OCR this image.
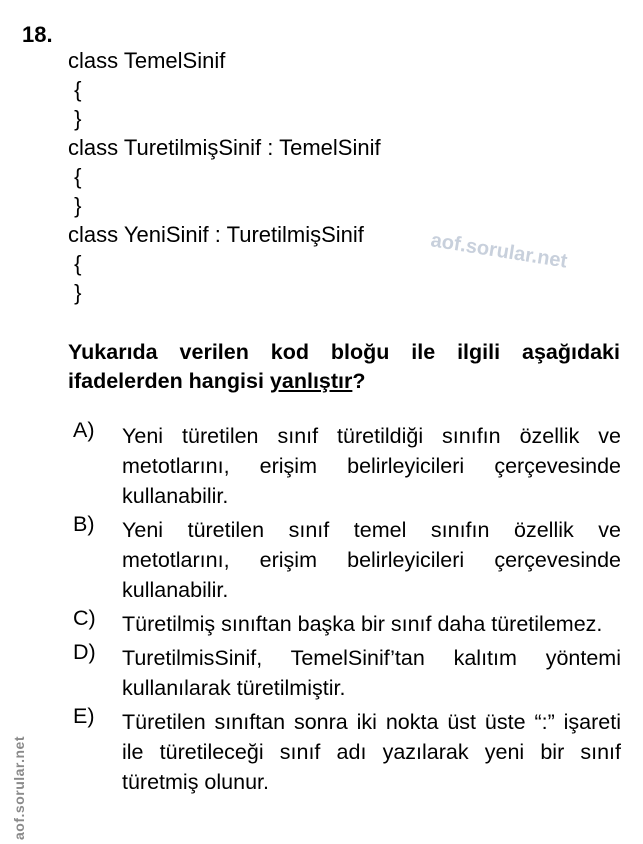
18.
class TemelSinif
{
}
class TuretilmişSinif : TemelSinif
{
}
class YeniSinif : TuretilmişSinif
{
}
Yukarıda verilen kod bloğu ile ilgili aşağıdaki ifadelerden hangisi yanlıştır?
A) Yeni türetilen sınıf türetildiği sınıfın özellik ve metotlarını, erişim belirleyicileri çerçevesinde kullanabilir.
B) Yeni türetilen sınıf temel sınıfın özellik ve metotlarını, erişim belirleyicileri çerçevesinde kullanabilir.
C) Türetilmiş sınıftan başka bir sınıf daha türetilemez.
D) TuretilmisSinif, TemelSinif’tan kalıtım yöntemi kullanılarak türetilmiştir.
E) Türetilen sınıftan sonra iki nokta üst üste “:” işareti ile türetileceği sınıf adı yazılarak yeni bir sınıf türetmiş olunur.
aof.sorular.net
aof.sorular.net
